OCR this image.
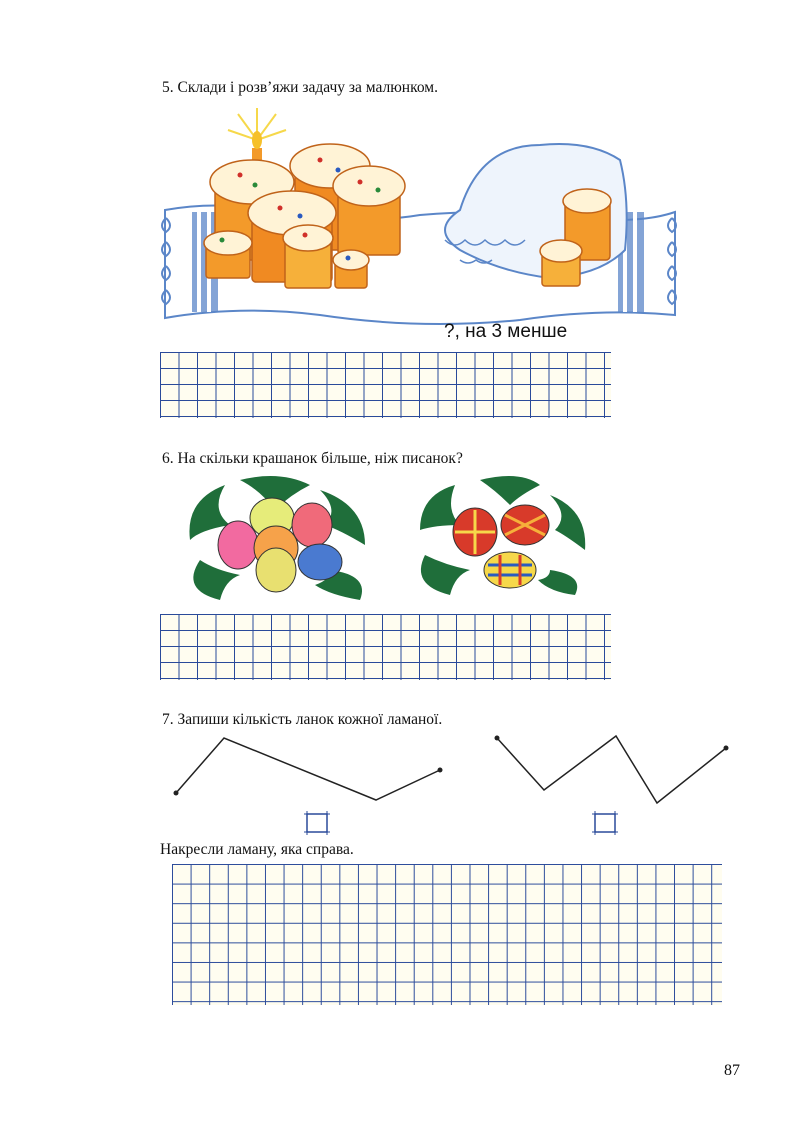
5. Склади і розв’яжи задачу за малюнком.
?, на 3 менше
6. На скільки крашанок більше, ніж писанок?
7. Запиши кількість ланок кожної ламаної.
Накресли ламану, яка справа.
87
